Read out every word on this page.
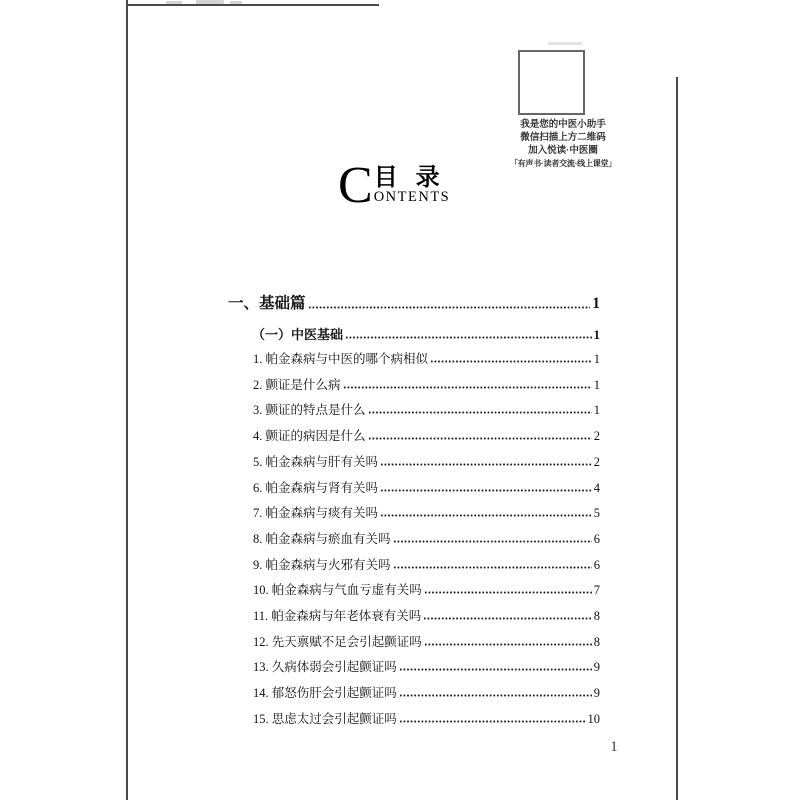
我是您的中医小助手
微信扫描上方二维码
加入悦读·中医圈
「有声书·读者交流·线上课堂」
C 目 录
ONTENTS
一、基础篇	1
（一）中医基础	1
1. 帕金森病与中医的哪个病相似	1
2. 颤证是什么病	1
3. 颤证的特点是什么	1
4. 颤证的病因是什么	2
5. 帕金森病与肝有关吗	2
6. 帕金森病与肾有关吗	4
7. 帕金森病与痰有关吗	5
8. 帕金森病与瘀血有关吗	6
9. 帕金森病与火邪有关吗	6
10. 帕金森病与气血亏虚有关吗	7
11. 帕金森病与年老体衰有关吗	8
12. 先天禀赋不足会引起颤证吗	8
13. 久病体弱会引起颤证吗	9
14. 郁怒伤肝会引起颤证吗	9
15. 思虑太过会引起颤证吗	10
1
